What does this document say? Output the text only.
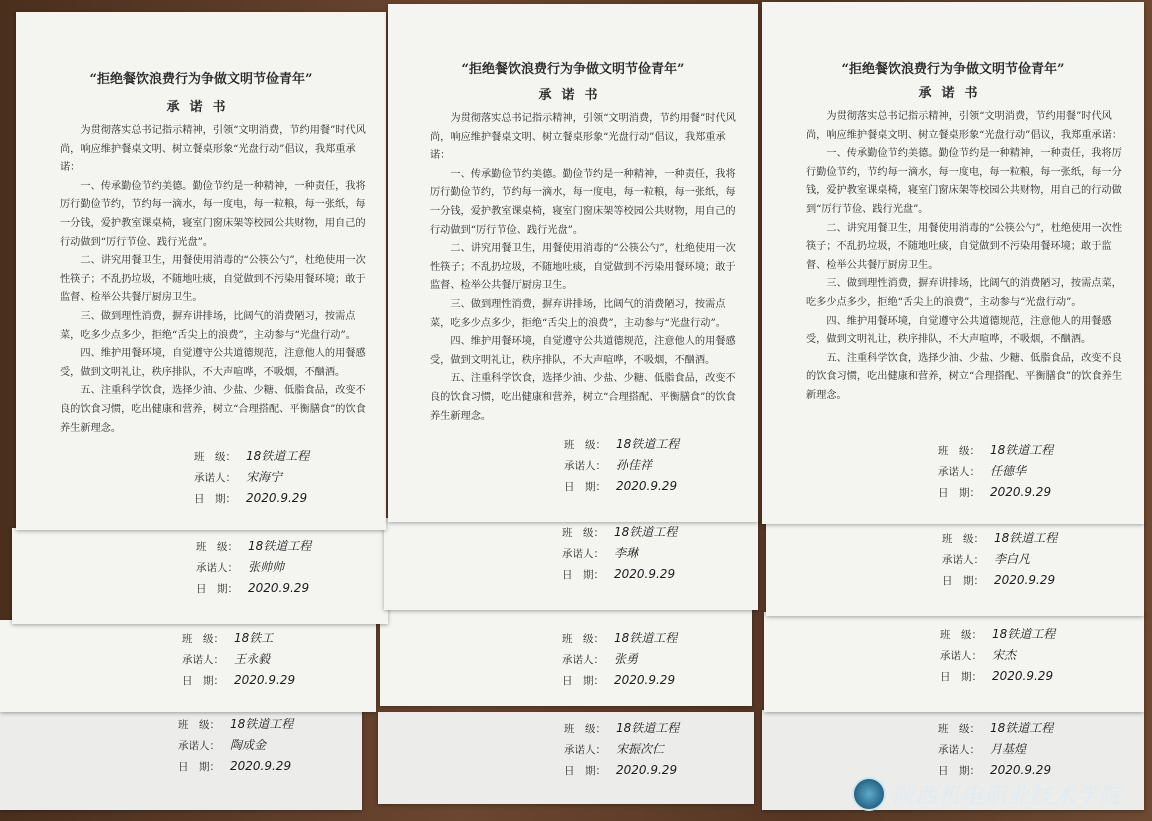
班　级： 18铁道工程
承诺人： 陶成金
日　期： 2020.9.29
班　级： 18铁道工程
承诺人： 宋振次仁
日　期： 2020.9.29
班　级： 18铁道工程
承诺人： 月基煌
日　期： 2020.9.29
班　级： 18铁工
承诺人： 王永毅
日　期： 2020.9.29
班　级： 18铁道工程
承诺人： 张勇
日　期： 2020.9.29
班　级： 18铁道工程
承诺人： 宋杰
日　期： 2020.9.29
班　级： 18铁道工程
承诺人： 张帅帅
日　期： 2020.9.29
班　级： 18铁道工程
承诺人： 李琳
日　期： 2020.9.29
班　级： 18铁道工程
承诺人： 李白凡
日　期： 2020.9.29
“拒绝餐饮浪费行为争做文明节俭青年”
承诺书

为贯彻落实总书记指示精神，引领“文明消费，节约用餐”时代风尚，响应维护餐桌文明、树立餐桌形象“光盘行动”倡议，我郑重承诺：

一、传承勤俭节约美德。勤俭节约是一种精神，一种责任，我将厉行勤俭节约，节约每一滴水，每一度电，每一粒粮，每一张纸，每一分钱，爱护教室课桌椅，寝室门窗床架等校园公共财物，用自己的行动做到“厉行节俭、践行光盘”。

二、讲究用餐卫生，用餐使用消毒的“公筷公勺”，杜绝使用一次性筷子；不乱扔垃圾，不随地吐痰，自觉做到不污染用餐环境；敢于监督、检举公共餐厅厨房卫生。

三、做到理性消费，摒弃讲排场，比阔气的消费陋习，按需点菜，吃多少点多少，拒绝“舌尖上的浪费”，主动参与“光盘行动”。

四、维护用餐环境，自觉遵守公共道德规范，注意他人的用餐感受，做到文明礼让，秩序排队，不大声喧哗，不吸烟，不酗酒。

五、注重科学饮食，选择少油、少盐、少糖、低脂食品，改变不良的饮食习惯，吃出健康和营养，树立“合理搭配、平衡膳食”的饮食养生新理念。

班　级： 18铁道工程
承诺人： 宋海宁
日　期： 2020.9.29
“拒绝餐饮浪费行为争做文明节俭青年”
承诺书

为贯彻落实总书记指示精神，引领“文明消费，节约用餐”时代风尚，响应维护餐桌文明、树立餐桌形象“光盘行动”倡议，我郑重承诺：

一、传承勤俭节约美德。勤俭节约是一种精神，一种责任，我将厉行勤俭节约，节约每一滴水，每一度电，每一粒粮，每一张纸，每一分钱，爱护教室课桌椅，寝室门窗床架等校园公共财物，用自己的行动做到“厉行节俭、践行光盘”。

二、讲究用餐卫生，用餐使用消毒的“公筷公勺”，杜绝使用一次性筷子；不乱扔垃圾，不随地吐痰，自觉做到不污染用餐环境；敢于监督、检举公共餐厅厨房卫生。

三、做到理性消费，摒弃讲排场，比阔气的消费陋习，按需点菜，吃多少点多少，拒绝“舌尖上的浪费”，主动参与“光盘行动”。

四、维护用餐环境，自觉遵守公共道德规范，注意他人的用餐感受，做到文明礼让，秩序排队，不大声喧哗，不吸烟，不酗酒。

五、注重科学饮食，选择少油、少盐、少糖、低脂食品，改变不良的饮食习惯，吃出健康和营养，树立“合理搭配、平衡膳食”的饮食养生新理念。

班　级： 18铁道工程
承诺人： 孙佳祥
日　期： 2020.9.29
“拒绝餐饮浪费行为争做文明节俭青年”
承诺书

为贯彻落实总书记指示精神，引领“文明消费，节约用餐”时代风尚，响应维护餐桌文明、树立餐桌形象“光盘行动”倡议，我郑重承诺：

一、传承勤俭节约美德。勤俭节约是一种精神，一种责任，我将厉行勤俭节约，节约每一滴水，每一度电，每一粒粮，每一张纸，每一分钱，爱护教室课桌椅，寝室门窗床架等校园公共财物，用自己的行动做到“厉行节俭、践行光盘”。

二、讲究用餐卫生，用餐使用消毒的“公筷公勺”，杜绝使用一次性筷子；不乱扔垃圾，不随地吐痰，自觉做到不污染用餐环境；敢于监督、检举公共餐厅厨房卫生。

三、做到理性消费，摒弃讲排场，比阔气的消费陋习，按需点菜，吃多少点多少，拒绝“舌尖上的浪费”，主动参与“光盘行动”。

四、维护用餐环境，自觉遵守公共道德规范，注意他人的用餐感受，做到文明礼让，秩序排队，不大声喧哗，不吸烟，不酗酒。

五、注重科学饮食，选择少油、少盐、少糖、低脂食品，改变不良的饮食习惯，吃出健康和营养，树立“合理搭配、平衡膳食”的饮食养生新理念。

班　级： 18铁道工程
承诺人： 任德华
日　期： 2020.9.29
陕西机电职业技术学院
